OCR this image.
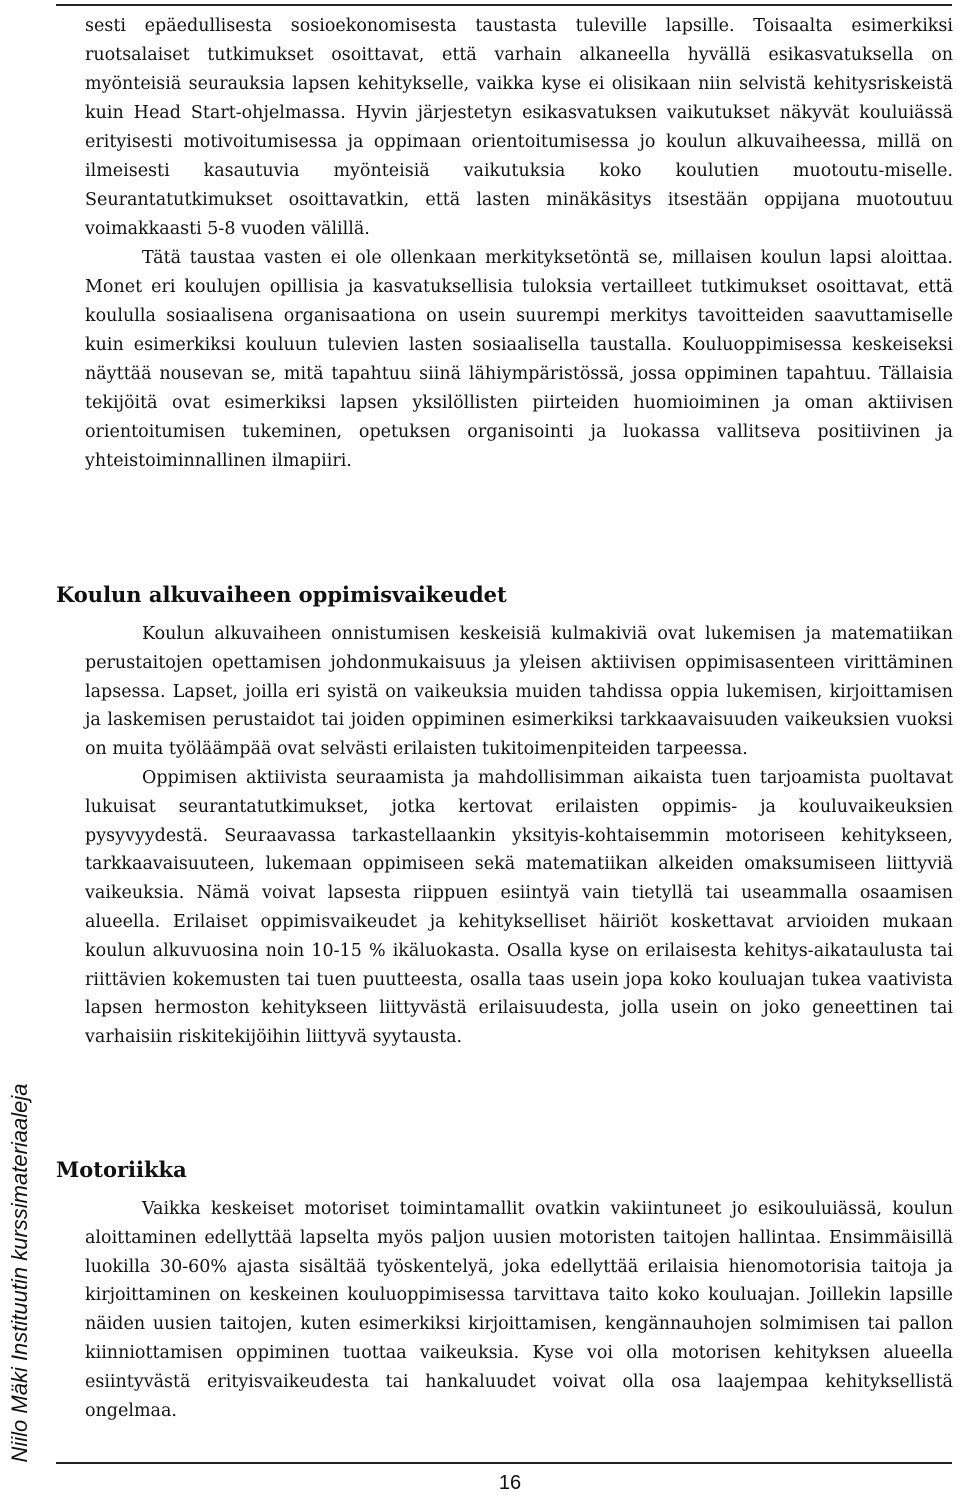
sesti epäedullisesta sosioekonomisesta taustasta tuleville lapsille. Toisaalta esimerkiksi ruotsalaiset tutkimukset osoittavat, että varhain alkaneella hyvällä esikasvatuksella on myönteisiä seurauksia lapsen kehitykselle, vaikka kyse ei olisikaan niin selvistä kehitysriskeistä kuin Head Start-ohjelmassa. Hyvin järjestetyn esikasvatuksen vaikutukset näkyvät kouluiässä erityisesti motivoitumisessa ja oppimaan orientoitumisessa jo koulun alkuvaiheessa, millä on ilmeisesti kasautuvia myönteisiä vaikutuksia koko koulutien muotoutu-miselle. Seurantatutkimukset osoittavatkin, että lasten minäkäsitys itsestään oppijana muotoutuu voimakkaasti 5-8 vuoden välillä.

Tätä taustaa vasten ei ole ollenkaan merkityksetöntä se, millaisen koulun lapsi aloittaa. Monet eri koulujen opillisia ja kasvatuksellisia tuloksia vertailleet tutkimukset osoittavat, että koululla sosiaalisena organisaationa on usein suurempi merkitys tavoitteiden saavuttamiselle kuin esimerkiksi kouluun tulevien lasten sosiaalisella taustalla. Kouluoppimisessa keskeiseksi näyttää nousevan se, mitä tapahtuu siinä lähiympäristössä, jossa oppiminen tapahtuu. Tällaisia tekijöitä ovat esimerkiksi lapsen yksilöllisten piirteiden huomioiminen ja oman aktiivisen orientoitumisen tukeminen, opetuksen organisointi ja luokassa vallitseva positiivinen ja yhteistoiminnallinen ilmapiiri.

Koulun alkuvaiheen oppimisvaikeudet

Koulun alkuvaiheen onnistumisen keskeisiä kulmakiviä ovat lukemisen ja matematiikan perustaitojen opettamisen johdonmukaisuus ja yleisen aktiivisen oppimisasenteen virittäminen lapsessa. Lapset, joilla eri syistä on vaikeuksia muiden tahdissa oppia lukemisen, kirjoittamisen ja laskemisen perustaidot tai joiden oppiminen esimerkiksi tarkkaavaisuuden vaikeuksien vuoksi on muita työläämpää ovat selvästi erilaisten tukitoimenpiteiden tarpeessa.

Oppimisen aktiivista seuraamista ja mahdollisimman aikaista tuen tarjoamista puoltavat lukuisat seurantatutkimukset, jotka kertovat erilaisten oppimis- ja kouluvaikeuksien pysyvyydestä. Seuraavassa tarkastellaankin yksityis-kohtaisemmin motoriseen kehitykseen, tarkkaavaisuuteen, lukemaan oppimiseen sekä matematiikan alkeiden omaksumiseen liittyviä vaikeuksia. Nämä voivat lapsesta riippuen esiintyä vain tietyllä tai useammalla osaamisen alueella. Erilaiset oppimisvaikeudet ja kehitykselliset häiriöt koskettavat arvioiden mukaan koulun alkuvuosina noin 10-15 % ikäluokasta. Osalla kyse on erilaisesta kehitys-aikataulusta tai riittävien kokemusten tai tuen puutteesta, osalla taas usein jopa koko kouluajan tukea vaativista lapsen hermoston kehitykseen liittyvästä erilaisuudesta, jolla usein on joko geneettinen tai varhaisiin riskitekijöihin liittyvä syytausta.

Motoriikka

Vaikka keskeiset motoriset toimintamallit ovatkin vakiintuneet jo esikouluiässä, koulun aloittaminen edellyttää lapselta myös paljon uusien motoristen taitojen hallintaa. Ensimmäisillä luokilla 30-60% ajasta sisältää työskentelyä, joka edellyttää erilaisia hienomotorisia taitoja ja kirjoittaminen on keskeinen kouluoppimisessa tarvittava taito koko kouluajan. Joillekin lapsille näiden uusien taitojen, kuten esimerkiksi kirjoittamisen, kengännauhojen solmimisen tai pallon kiinniottamisen oppiminen tuottaa vaikeuksia. Kyse voi olla motorisen kehityksen alueella esiintyvästä erityisvaikeudesta tai hankaluudet voivat olla osa laajempaa kehityksellistä ongelmaa.

Niilo Mäki Instituutin kurssimateriaaleja
16
